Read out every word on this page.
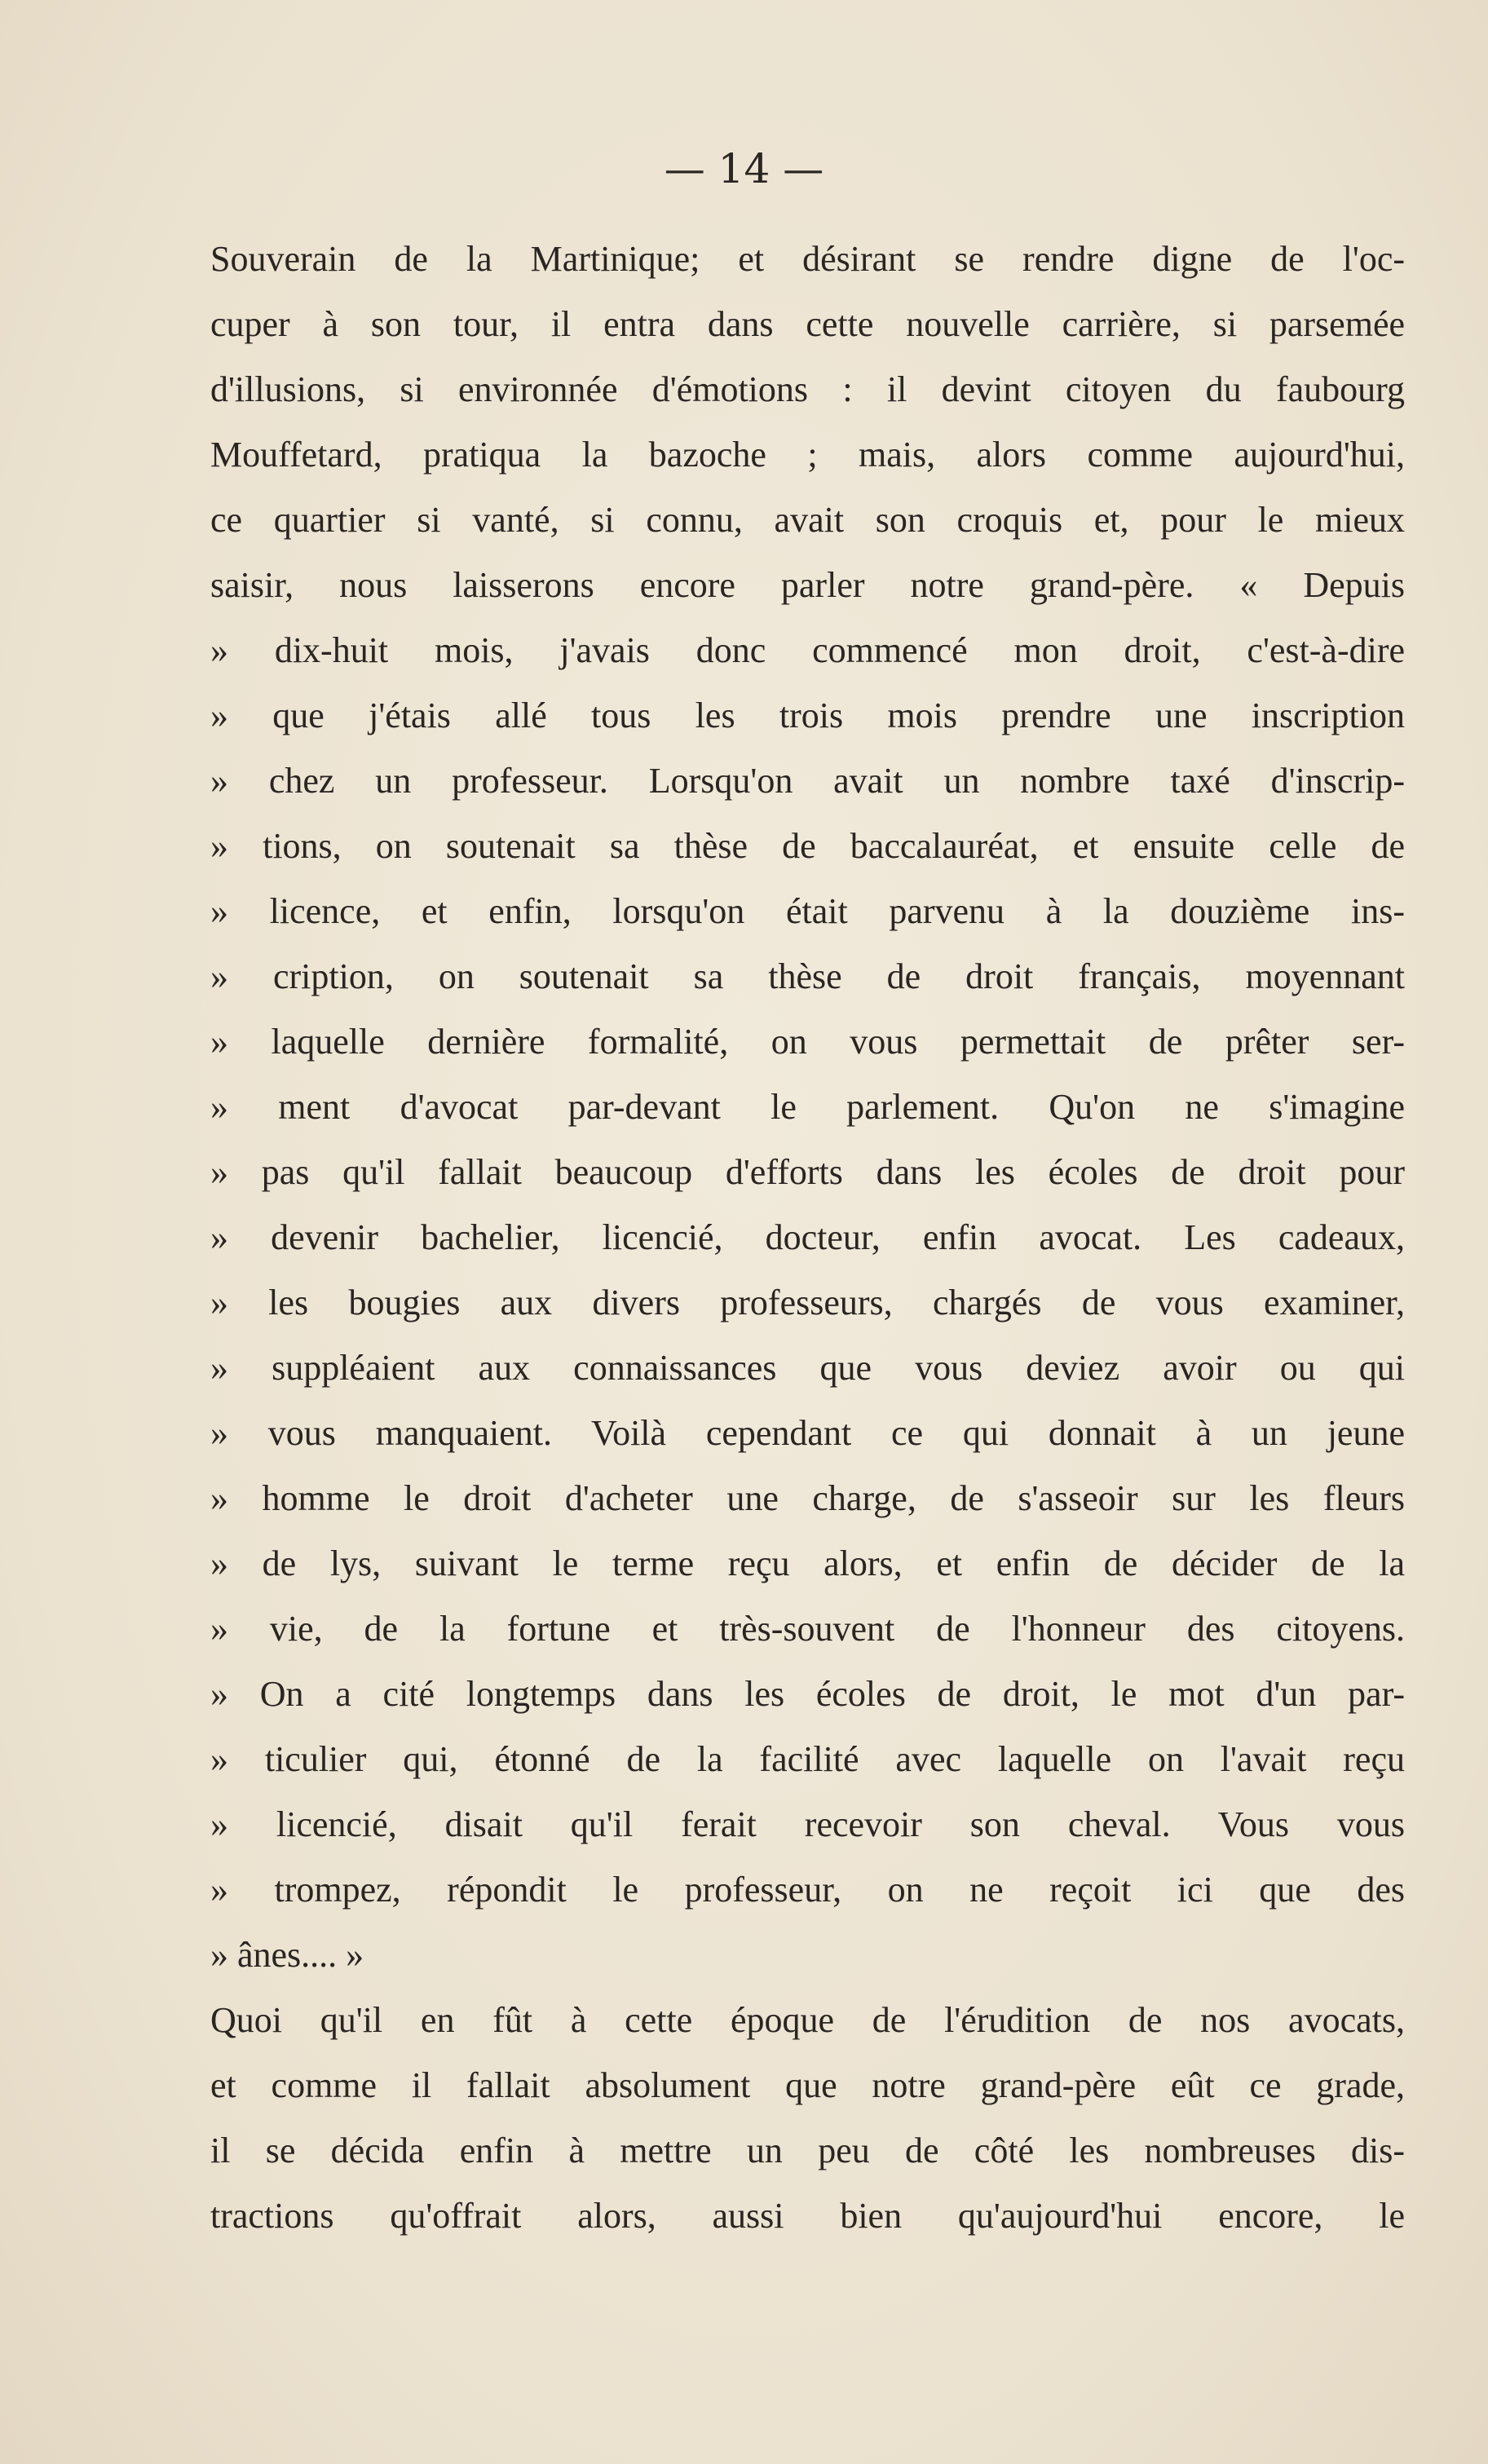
— 14 —
Souverain de la Martinique; et désirant se rendre digne de l'oc-
cuper à son tour, il entra dans cette nouvelle carrière, si parsemée
d'illusions, si environnée d'émotions : il devint citoyen du faubourg
Mouffetard, pratiqua la bazoche ; mais, alors comme aujourd'hui,
ce quartier si vanté, si connu, avait son croquis et, pour le mieux
saisir, nous laisserons encore parler notre grand-père. « Depuis
» dix-huit mois, j'avais donc commencé mon droit, c'est-à-dire
» que j'étais allé tous les trois mois prendre une inscription
» chez un professeur. Lorsqu'on avait un nombre taxé d'inscrip-
» tions, on soutenait sa thèse de baccalauréat, et ensuite celle de
» licence, et enfin, lorsqu'on était parvenu à la douzième ins-
» cription, on soutenait sa thèse de droit français, moyennant
» laquelle dernière formalité, on vous permettait de prêter ser-
» ment d'avocat par-devant le parlement. Qu'on ne s'imagine
» pas qu'il fallait beaucoup d'efforts dans les écoles de droit pour
» devenir bachelier, licencié, docteur, enfin avocat. Les cadeaux,
» les bougies aux divers professeurs, chargés de vous examiner,
» suppléaient aux connaissances que vous deviez avoir ou qui
» vous manquaient. Voilà cependant ce qui donnait à un jeune
» homme le droit d'acheter une charge, de s'asseoir sur les fleurs
» de lys, suivant le terme reçu alors, et enfin de décider de la
» vie, de la fortune et très-souvent de l'honneur des citoyens.
» On a cité longtemps dans les écoles de droit, le mot d'un par-
» ticulier qui, étonné de la facilité avec laquelle on l'avait reçu
» licencié, disait qu'il ferait recevoir son cheval. Vous vous
» trompez, répondit le professeur, on ne reçoit ici que des
» ânes.... »
Quoi qu'il en fût à cette époque de l'érudition de nos avocats,
et comme il fallait absolument que notre grand-père eût ce grade,
il se décida enfin à mettre un peu de côté les nombreuses dis-
tractions qu'offrait alors, aussi bien qu'aujourd'hui encore, le
